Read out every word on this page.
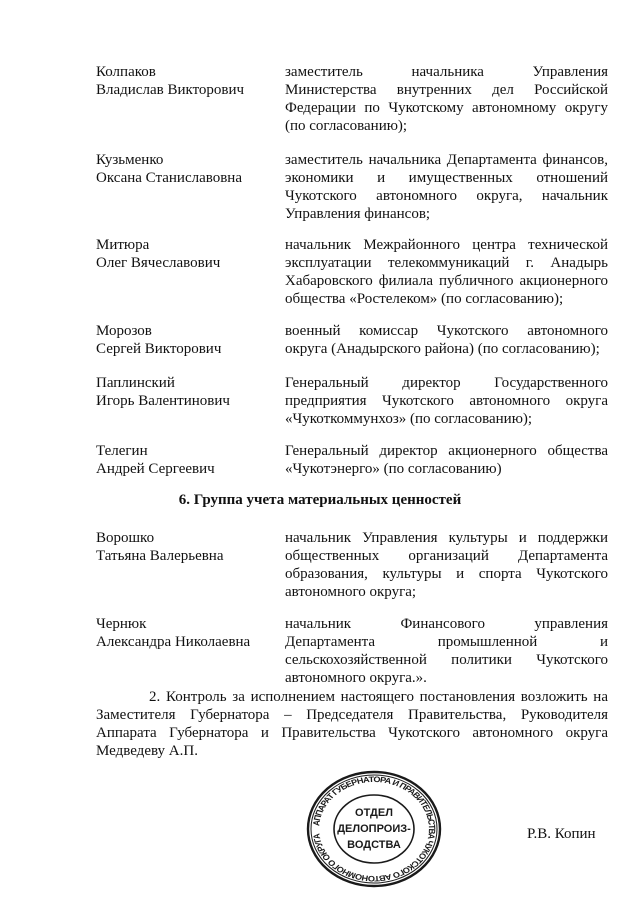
Колпаков
Владислав Викторович
заместитель начальника Управления Министерства внутренних дел Российской Федерации по Чукотскому автономному округу (по согласованию);
Кузьменко
Оксана Станиславовна
заместитель начальника Департамента финансов, экономики и имущественных отношений Чукотского автономного округа, начальник Управления финансов;
Митюра
Олег Вячеславович
начальник Межрайонного центра технической эксплуатации телекоммуникаций г. Анадырь Хабаровского филиала публичного акционерного общества «Ростелеком» (по согласованию);
Морозов
Сергей Викторович
военный комиссар Чукотского автономного округа (Анадырского района) (по согласованию);
Паплинский
Игорь Валентинович
Генеральный директор Государственного предприятия Чукотского автономного округа «Чукоткоммунхоз» (по согласованию);
Телегин
Андрей Сергеевич
Генеральный директор акционерного общества «Чукотэнерго» (по согласованию)
6. Группа учета материальных ценностей
Ворошко
Татьяна Валерьевна
начальник Управления культуры и поддержки общественных организаций Департамента образования, культуры и спорта Чукотского автономного округа;
Чернюк
Александра Николаевна
начальник Финансового управления Департамента промышленной и сельскохозяйственной политики Чукотского автономного округа.».
2. Контроль за исполнением настоящего постановления возложить на Заместителя Губернатора – Председателя Правительства, Руководителя Аппарата Губернатора и Правительства Чукотского автономного округа Медведеву А.П.
АППАРАТ ГУБЕРНАТОРА И ПРАВИТЕЛЬСТВА ЧУКОТСКОГО АВТОНОМНОГО ОКРУГА
ОТДЕЛ
ДЕЛОПРОИЗ-
ВОДСТВА
Р.В. Копин
